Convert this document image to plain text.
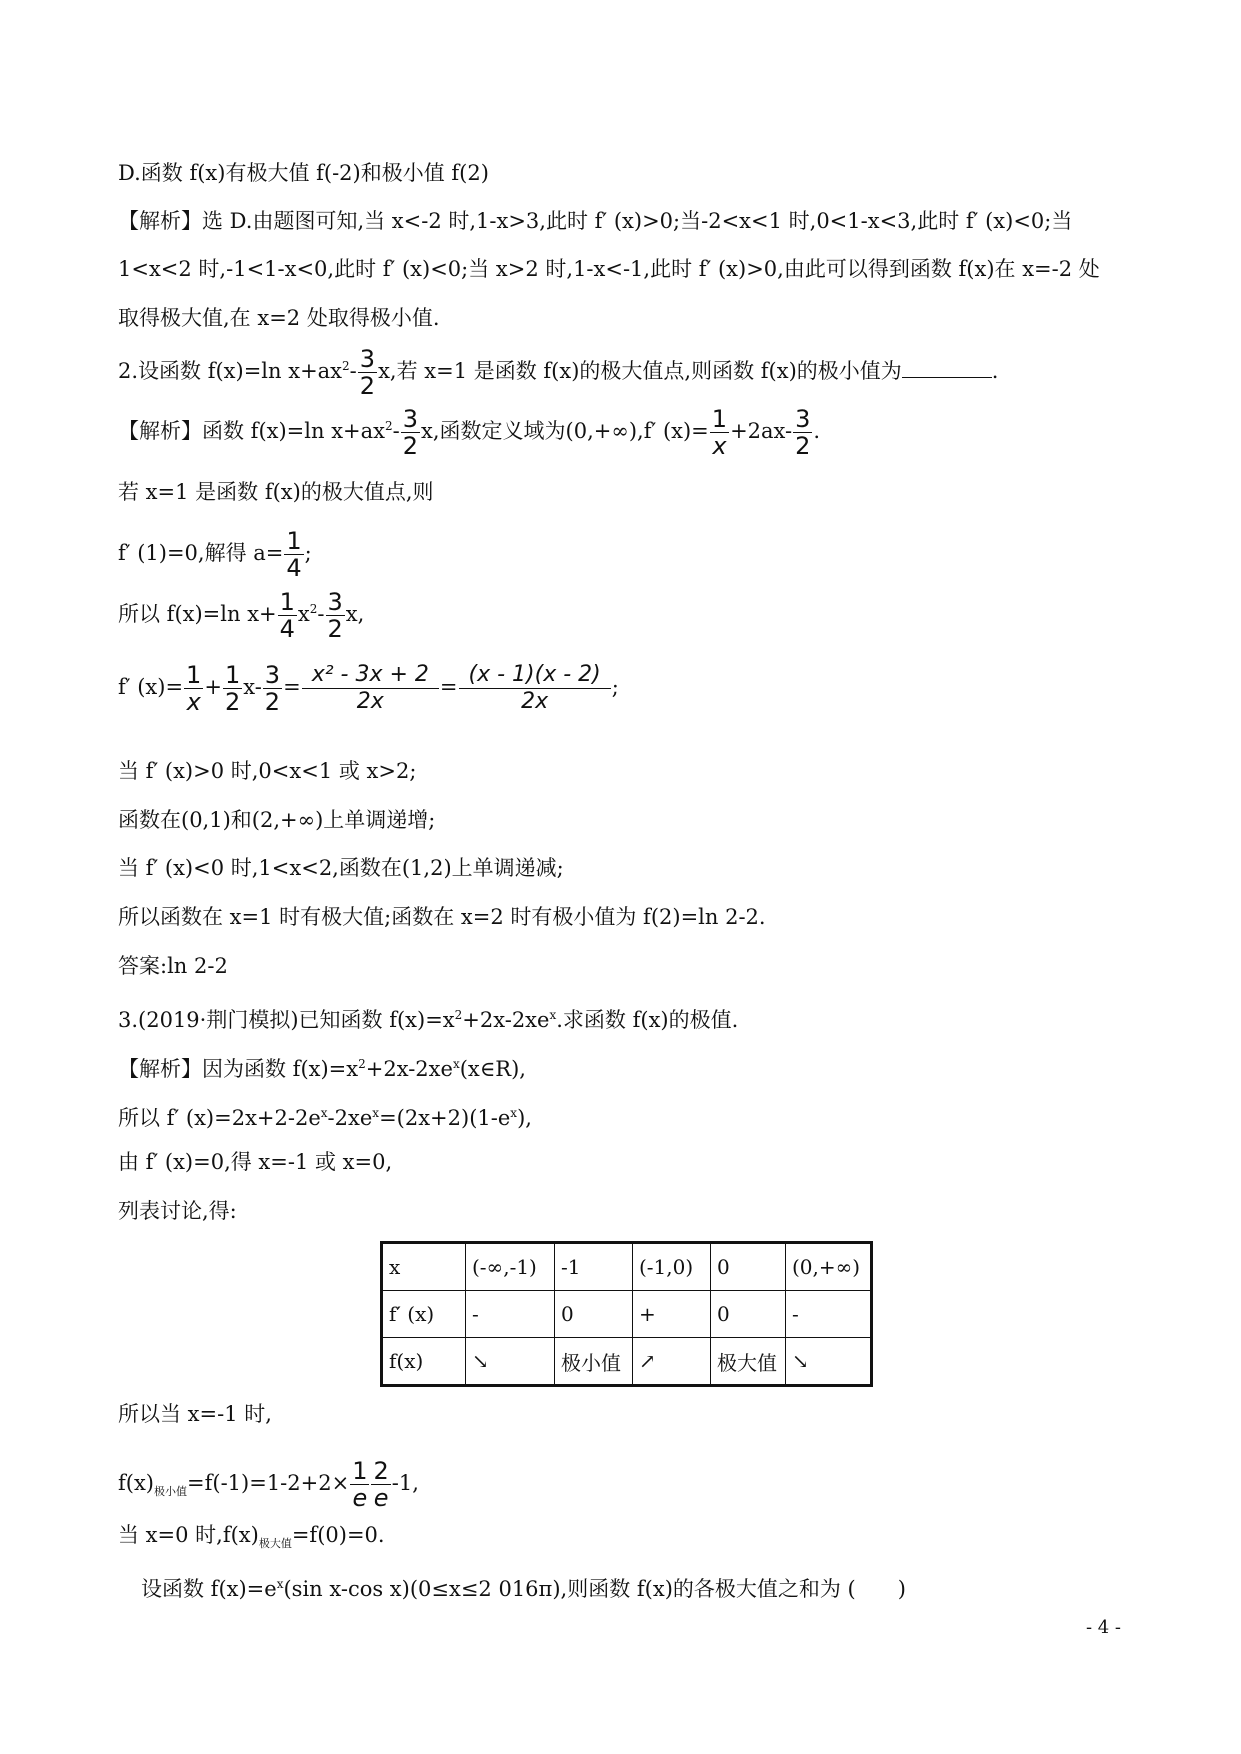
D.函数 f(x)有极大值 f(-2)和极小值 f(2)
【解析】选 D.由题图可知,当 x<-2 时,1-x>3,此时 f′ (x)>0;当-2<x<1 时,0<1-x<3,此时 f′ (x)<0;当
1<x<2 时,-1<1-x<0,此时 f′ (x)<0;当 x>2 时,1-x<-1,此时 f′ (x)>0,由此可以得到函数 f(x)在 x=-2 处
取得极大值,在 x=2 处取得极小值.
2.设函数 f(x)=ln $x+ax^2- \frac{3}{2} x$,若 x=1 是函数 f(x)的极大值点,则函数 f(x)的极小值为	.
【解析】函数 f(x)=ln $x+ax^2- \frac{3}{2} x$,函数定义域为(0,+∞),f′ $(x)= \frac{1}{x} +2ax- \frac{3}{2}$ .
若 x=1 是函数 f(x)的极大值点,则
f′ (1)=0,解得 $a= \frac{1}{4}$ ;
所以 f(x)=ln $x+ \frac{1}{4} x^2- \frac{3}{2} x$,
f′ $(x)= \frac{1}{x} + \frac{1}{2} x- \frac{3}{2} = \frac{\text{x² - 3x + 2}}{2x} = \frac{(x - 1)(x - 2)}{2x}$ ;
当 f′ (x)>0 时,0<x<1 或 x>2;
函数在(0,1)和(2,+∞)上单调递增;
当 f′ (x)<0 时,1<x<2,函数在(1,2)上单调递减;
所以函数在 x=1 时有极大值;函数在 x=2 时有极小值为 f(2)=ln 2-2.
答案:ln 2-2
3.(2019·荆门模拟)已知函数 $f(x)=x^2+2x-2xe^x$.求函数 f(x)的极值.
【解析】因为函数 $f(x)=x^2+2x-2xe^x(x\in R)$,
所以 f′ $(x)=2x+2-2e^x-2xe^x=(2x+2)(1-e^x)$,
由 f′ (x)=0,得 x=-1 或 x=0,
列表讨论,得:
x	(-∞,-1)	-1	(-1,0)	0	(0,+∞)
f′ (x)	-	0	+	0	-
f(x)	↘	极小值	↗	极大值	↘
所以当 x=-1 时,
$f(x)_{极小值}=f(-1)=1-2+2\times \frac{1}{e} \frac{2}{e} -1$,
当 x=0 时$,f(x)_{极大值}=f(0)=0$.
设函数 $f(x)=e^x(\sin$ x-cos x)(0≤x≤2 016π),则函数 f(x)的各极大值之和为 (　　)
- 4 -
